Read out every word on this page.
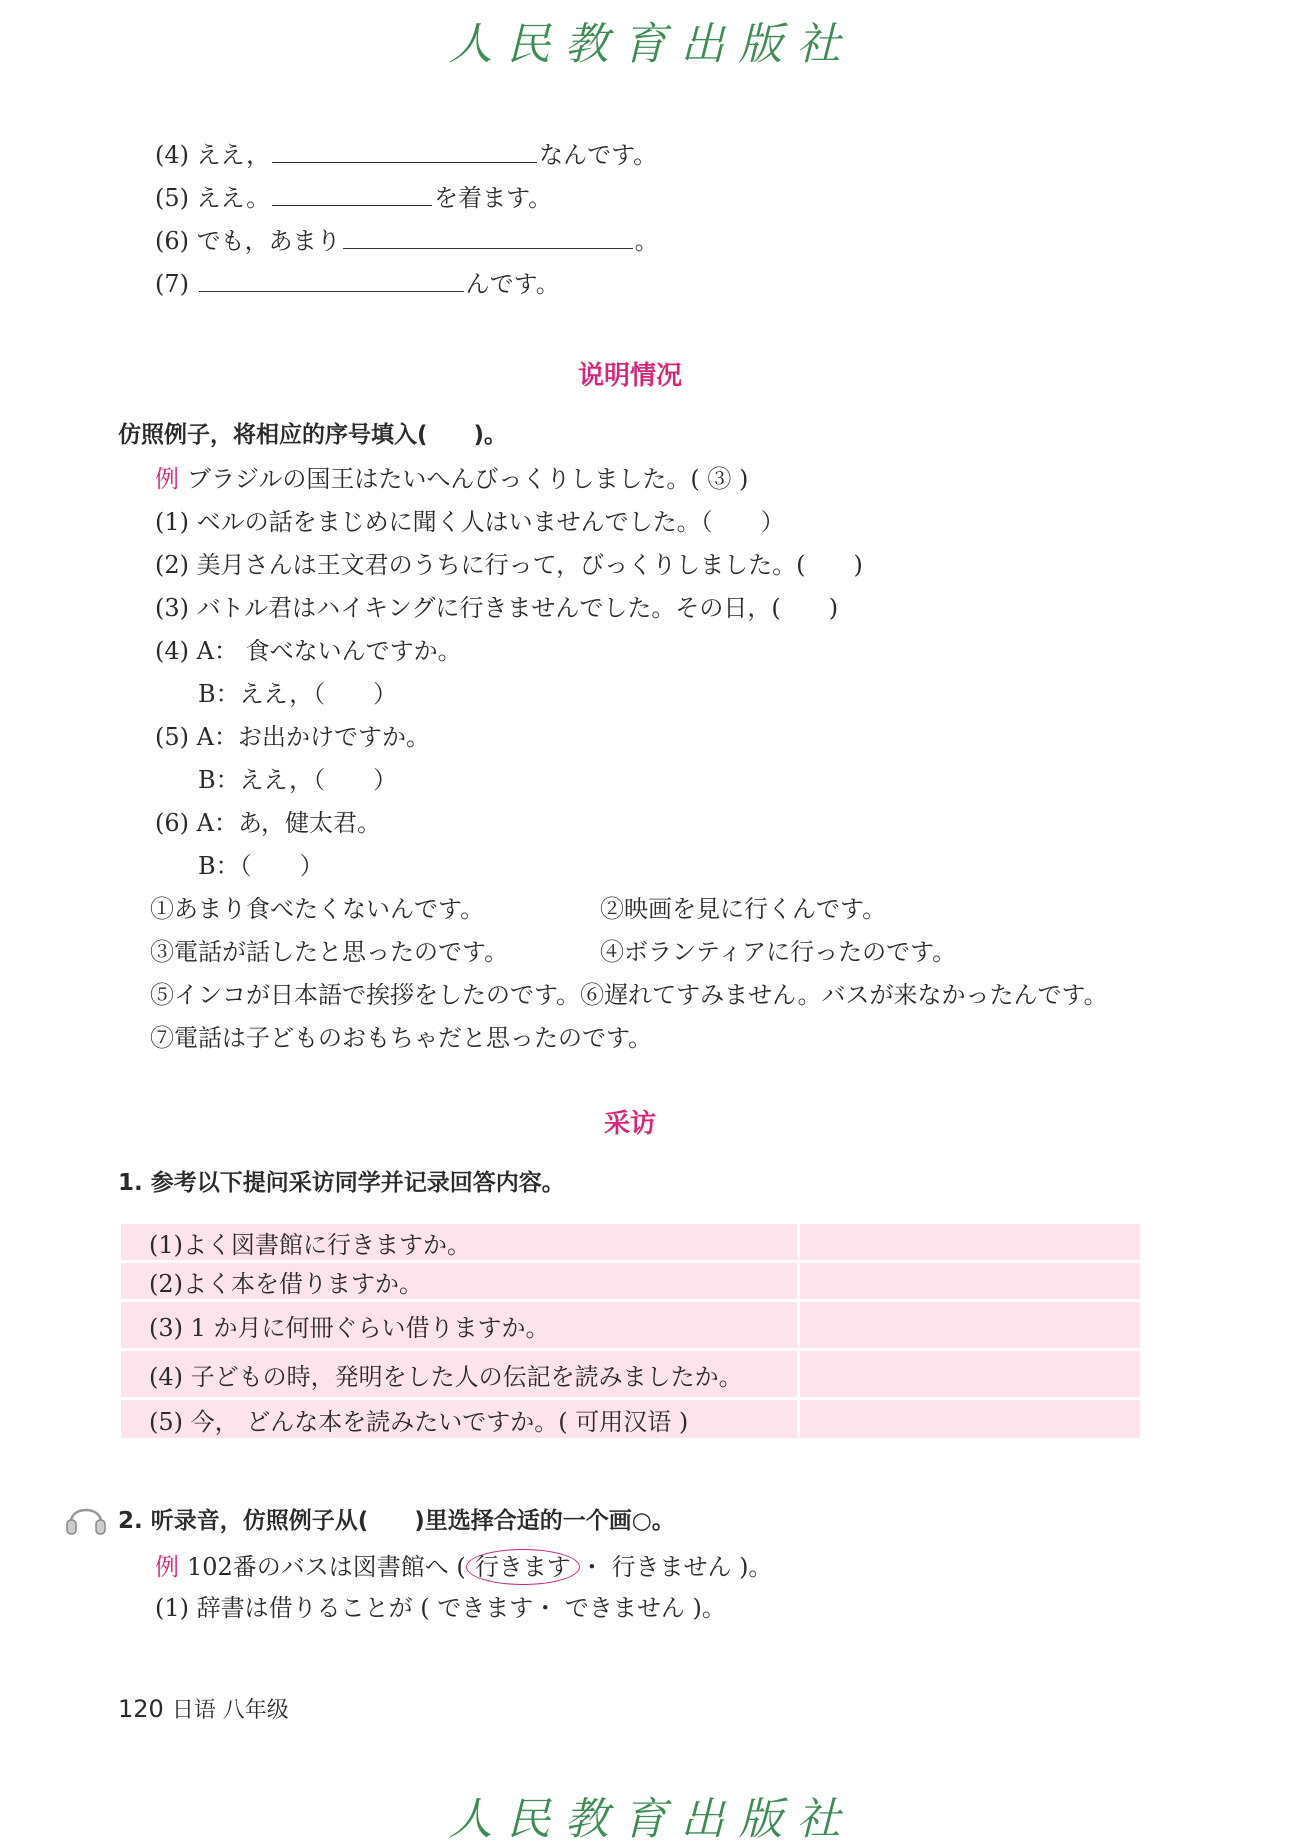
人民教育出版社
(4) ええ，	なんです。
(5) ええ。	を着ます。
(6) でも，あまり	。
(7)	んです。
说明情况
仿照例子，将相应的序号填入(　　)。
例 ブラジルの国王はたいへんびっくりしました。( ③ )
(1) ベルの話をまじめに聞く人はいませんでした。（　　）
(2) 美月さんは王文君のうちに行って，びっくりしました。(　　)
(3) バトル君はハイキングに行きませんでした。その日，(　　)
(4) A： 食べないんですか。
B：ええ，（　　）
(5) A：お出かけですか。
B：ええ，（　　）
(6) A：あ，健太君。
B：（　　）
①あまり食べたくないんです。	②映画を見に行くんです。
③電話が話したと思ったのです。	④ボランティアに行ったのです。
⑤インコが日本語で挨拶をしたのです。⑥遅れてすみません。バスが来なかったんです。
⑦電話は子どものおもちゃだと思ったのです。
采访
1. 参考以下提问采访同学并记录回答内容。
(1)よく図書館に行きますか。	
(2)よく本を借りますか。	
(3) 1 か月に何冊ぐらい借りますか。	
(4) 子どもの時，発明をした人の伝記を読みましたか。	
(5) 今， どんな本を読みたいですか。( 可用汉语 )	
2. 听录音，仿照例子从(　　)里选择合适的一个画○。
例 102番のバスは図書館へ ( 行きます ・ 行きません )。
(1) 辞書は借りることが ( できます・ できません )。
120 日语 八年级
人民教育出版社
